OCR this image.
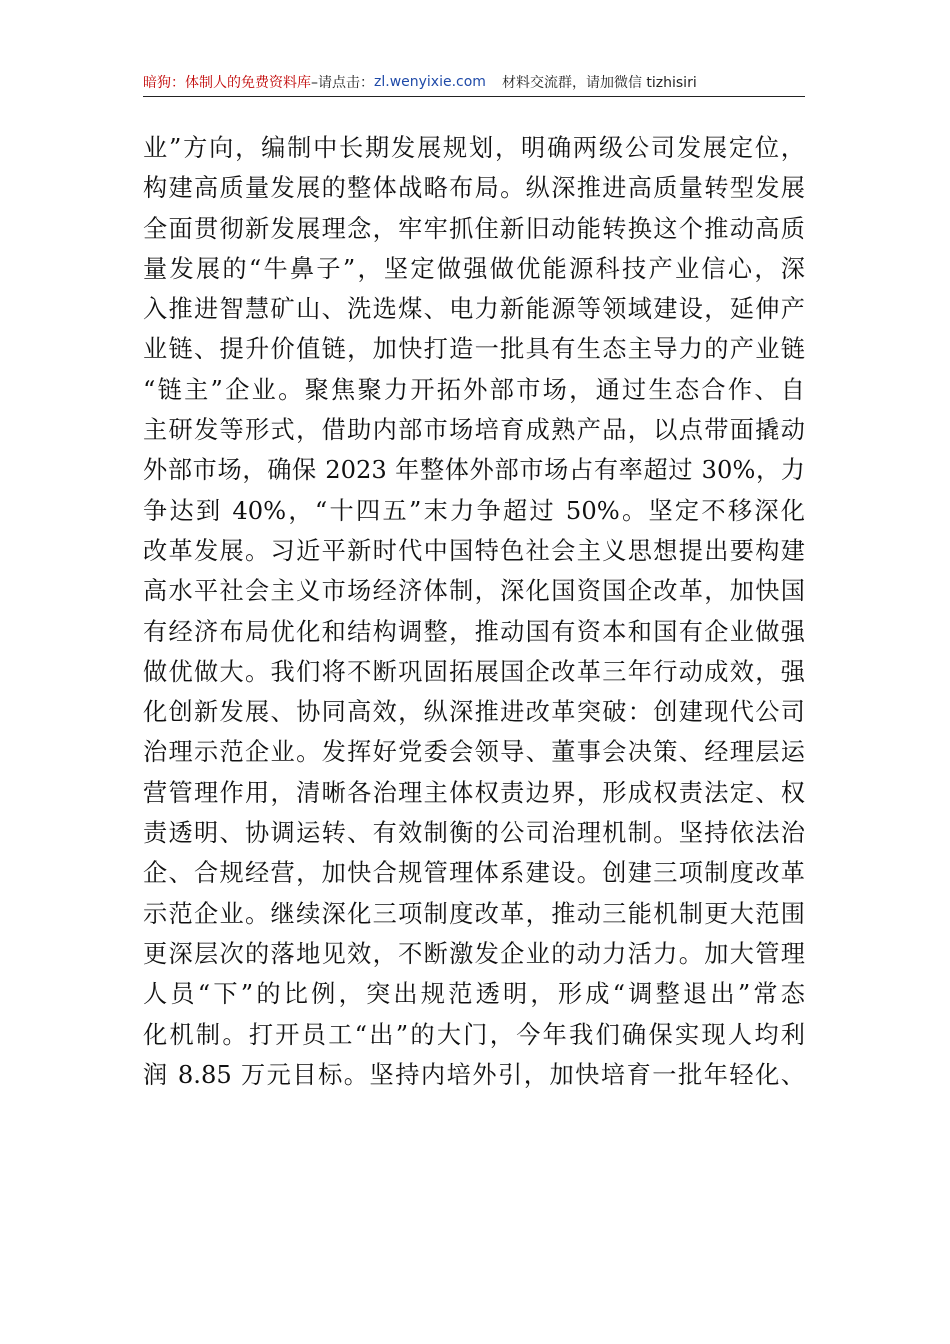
暗狗：体制人的免费资料库 –请点击： zl.wenyixie.com 材料交流群，请加微信 tizhisiri
业”方向，编制中长期发展规划，明确两级公司发展定位，
构建高质量发展的整体战略布局。纵深推进高质量转型发展
全面贯彻新发展理念，牢牢抓住新旧动能转换这个推动高质
量发展的“牛鼻子”，坚定做强做优能源科技产业信心，深
入推进智慧矿山、洗选煤、电力新能源等领域建设，延伸产
业链、提升价值链，加快打造一批具有生态主导力的产业链
“链主”企业。聚焦聚力开拓外部市场，通过生态合作、自
主研发等形式，借助内部市场培育成熟产品，以点带面撬动
外部市场，确保 2023 年整体外部市场占有率超过 30%，力
争达到 40%，“十四五”末力争超过 50%。坚定不移深化
改革发展。习近平新时代中国特色社会主义思想提出要构建
高水平社会主义市场经济体制，深化国资国企改革，加快国
有经济布局优化和结构调整，推动国有资本和国有企业做强
做优做大。我们将不断巩固拓展国企改革三年行动成效，强
化创新发展、协同高效，纵深推进改革突破：创建现代公司
治理示范企业。发挥好党委会领导、董事会决策、经理层运
营管理作用，清晰各治理主体权责边界，形成权责法定、权
责透明、协调运转、有效制衡的公司治理机制。坚持依法治
企、合规经营，加快合规管理体系建设。创建三项制度改革
示范企业。继续深化三项制度改革，推动三能机制更大范围
更深层次的落地见效，不断激发企业的动力活力。加大管理
人员“下”的比例，突出规范透明，形成“调整退出”常态
化机制。打开员工“出”的大门，今年我们确保实现人均利
润 8.85 万元目标。坚持内培外引，加快培育一批年轻化、
